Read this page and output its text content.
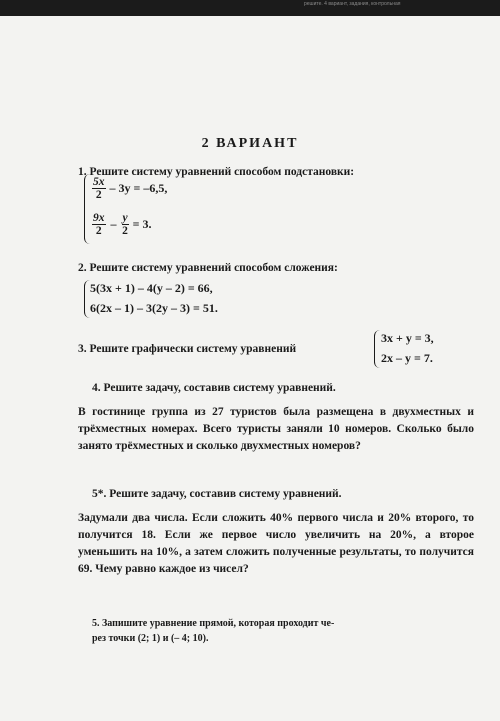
решите. 4 вариант, задания, контрольная
2 ВАРИАНТ
1. Решите систему уравнений способом подстановки:
$\frac{5x}{2} - 3y = -6,5$,
$\frac{9x}{2} - \frac{y}{2} = 3$.
2. Решите систему уравнений способом сложения:
5(3x + 1) – 4(y – 2) = 66,
6(2x – 1) – 3(2y – 3) = 51.
3. Решите графически систему уравнений
3x + y = 3,
2x – y = 7.
4. Решите задачу, составив систему уравнений.
В гостинице группа из 27 туристов была размещена в двухместных и трёхместных номерах. Всего туристы заняли 10 номеров. Сколько было занято трёхместных и сколько двухместных номеров?
5*. Решите задачу, составив систему уравнений.
Задумали два числа. Если сложить 40% первого числа и 20% второго, то получится 18. Если же первое число увеличить на 20%, а второе уменьшить на 10%, а затем сложить полученные результаты, то получится 69. Чему равно каждое из чисел?
5. Запишите уравнение прямой, которая проходит че-
рез точки (2; 1) и (– 4; 10).
